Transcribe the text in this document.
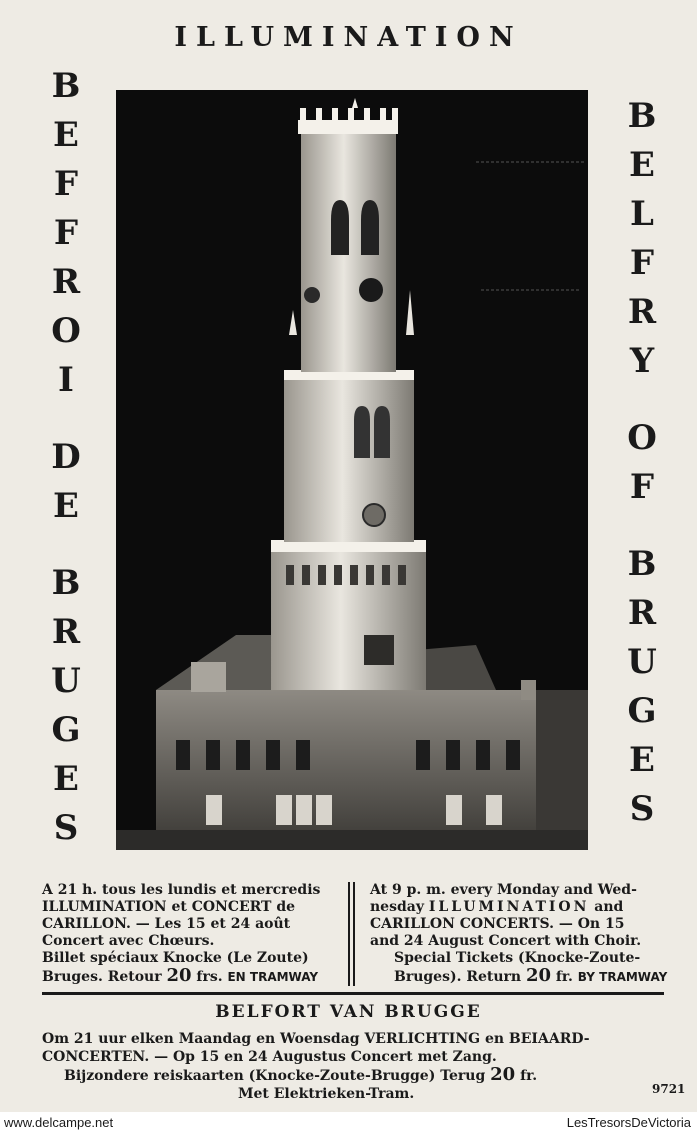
ILLUMINATION
B
E
F
F
R
O
I
D
E
B
R
U
G
E
S
B
E
L
F
R
Y
O
F
B
R
U
G
E
S
A 21 h. tous les lundis et mercredis
ILLUMINATION et CONCERT de
CARILLON. — Les 15 et 24 août
Concert avec Chœurs.
Billet spéciaux Knocke (Le Zoute)
Bruges. Retour 20 frs. EN TRAMWAY
At 9 p. m. every Monday and Wed-
nesday ILLUMINATION and
CARILLON CONCERTS. — On 15
and 24 August Concert with Choir.
Special Tickets (Knocke-Zoute-
Bruges). Return 20 fr. BY TRAMWAY
BELFORT VAN BRUGGE
Om 21 uur elken Maandag en Woensdag VERLICHTING en BEIAARD-
CONCERTEN. — Op 15 en 24 Augustus Concert met Zang.
Bijzondere reiskaarten (Knocke-Zoute-Brugge) Terug 20 fr.
Met Elektrieken-Tram.	9721
www.delcampe.net	LesTresorsDeVictoria
